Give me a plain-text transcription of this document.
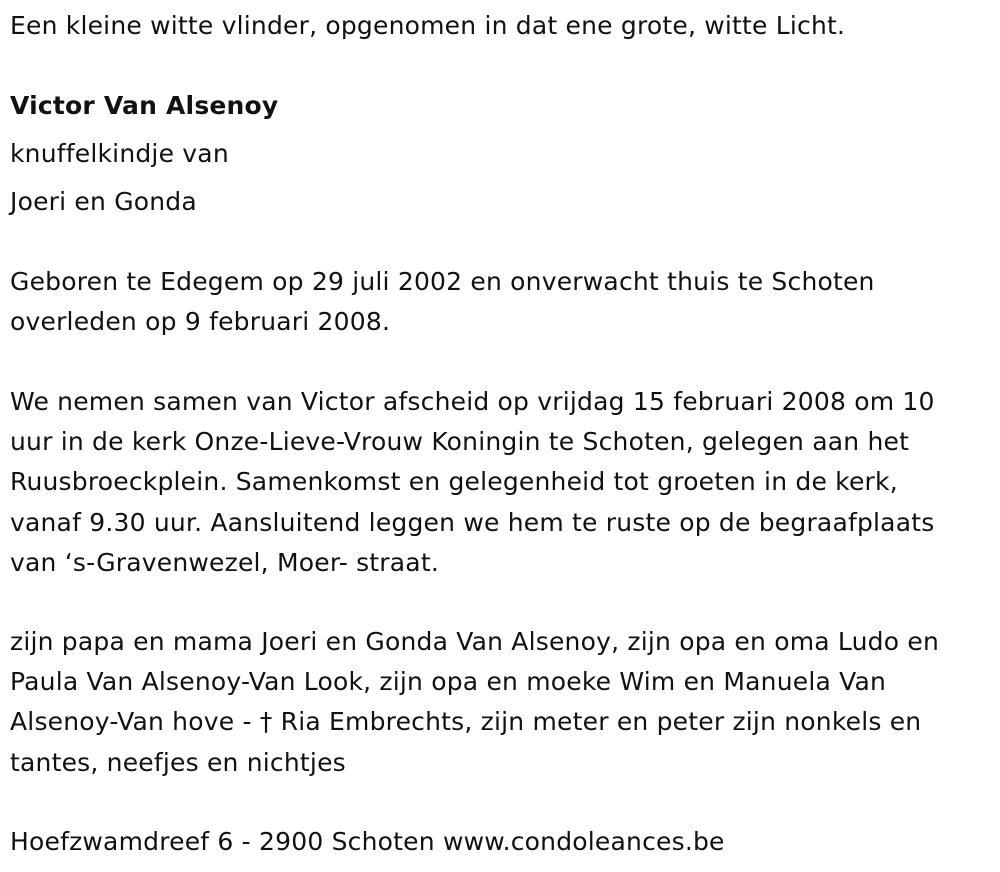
Een kleine witte vlinder, opgenomen in dat ene grote, witte Licht.
Victor Van Alsenoy
knuffelkindje van
Joeri en Gonda
Geboren te Edegem op 29 juli 2002 en onverwacht thuis te Schoten
overleden op 9 februari 2008.
We nemen samen van Victor afscheid op vrijdag 15 februari 2008 om 10
uur in de kerk Onze-Lieve-Vrouw Koningin te Schoten, gelegen aan het
Ruusbroeckplein. Samenkomst en gelegenheid tot groeten in de kerk,
vanaf 9.30 uur. Aansluitend leggen we hem te ruste op de begraafplaats
van ‘s-Gravenwezel, Moer- straat.
zijn papa en mama Joeri en Gonda Van Alsenoy, zijn opa en oma Ludo en
Paula Van Alsenoy-Van Look, zijn opa en moeke Wim en Manuela Van
Alsenoy-Van hove - † Ria Embrechts, zijn meter en peter zijn nonkels en
tantes, neefjes en nichtjes
Hoefzwamdreef 6 - 2900 Schoten www.condoleances.be
